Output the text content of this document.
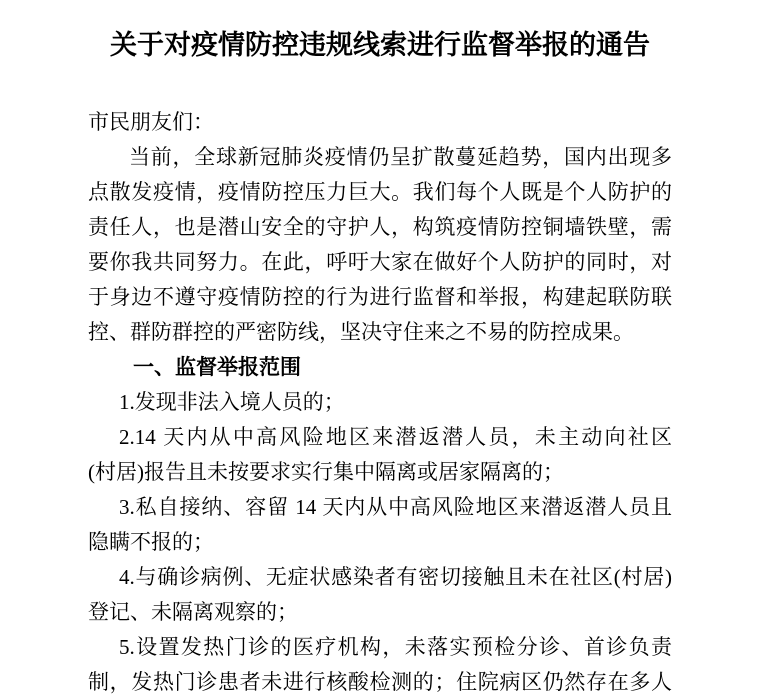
关于对疫情防控违规线索进行监督举报的通告
市民朋友们：
当前，全球新冠肺炎疫情仍呈扩散蔓延趋势，国内出现多
点散发疫情，疫情防控压力巨大。我们每个人既是个人防护的
责任人，也是潜山安全的守护人，构筑疫情防控铜墙铁壁，需
要你我共同努力。在此，呼吁大家在做好个人防护的同时，对
于身边不遵守疫情防控的行为进行监督和举报，构建起联防联
控、群防群控的严密防线，坚决守住来之不易的防控成果。
一、监督举报范围
1.发现非法入境人员的；
2.14 天内从中高风险地区来潜返潜人员，未主动向社区
(村居)报告且未按要求实行集中隔离或居家隔离的；
3.私自接纳、容留 14 天内从中高风险地区来潜返潜人员且
隐瞒不报的；
4.与确诊病例、无症状感染者有密切接触且未在社区(村居)
登记、未隔离观察的；
5.设置发热门诊的医疗机构，未落实预检分诊、首诊负责
制，发热门诊患者未进行核酸检测的；住院病区仍然存在多人
